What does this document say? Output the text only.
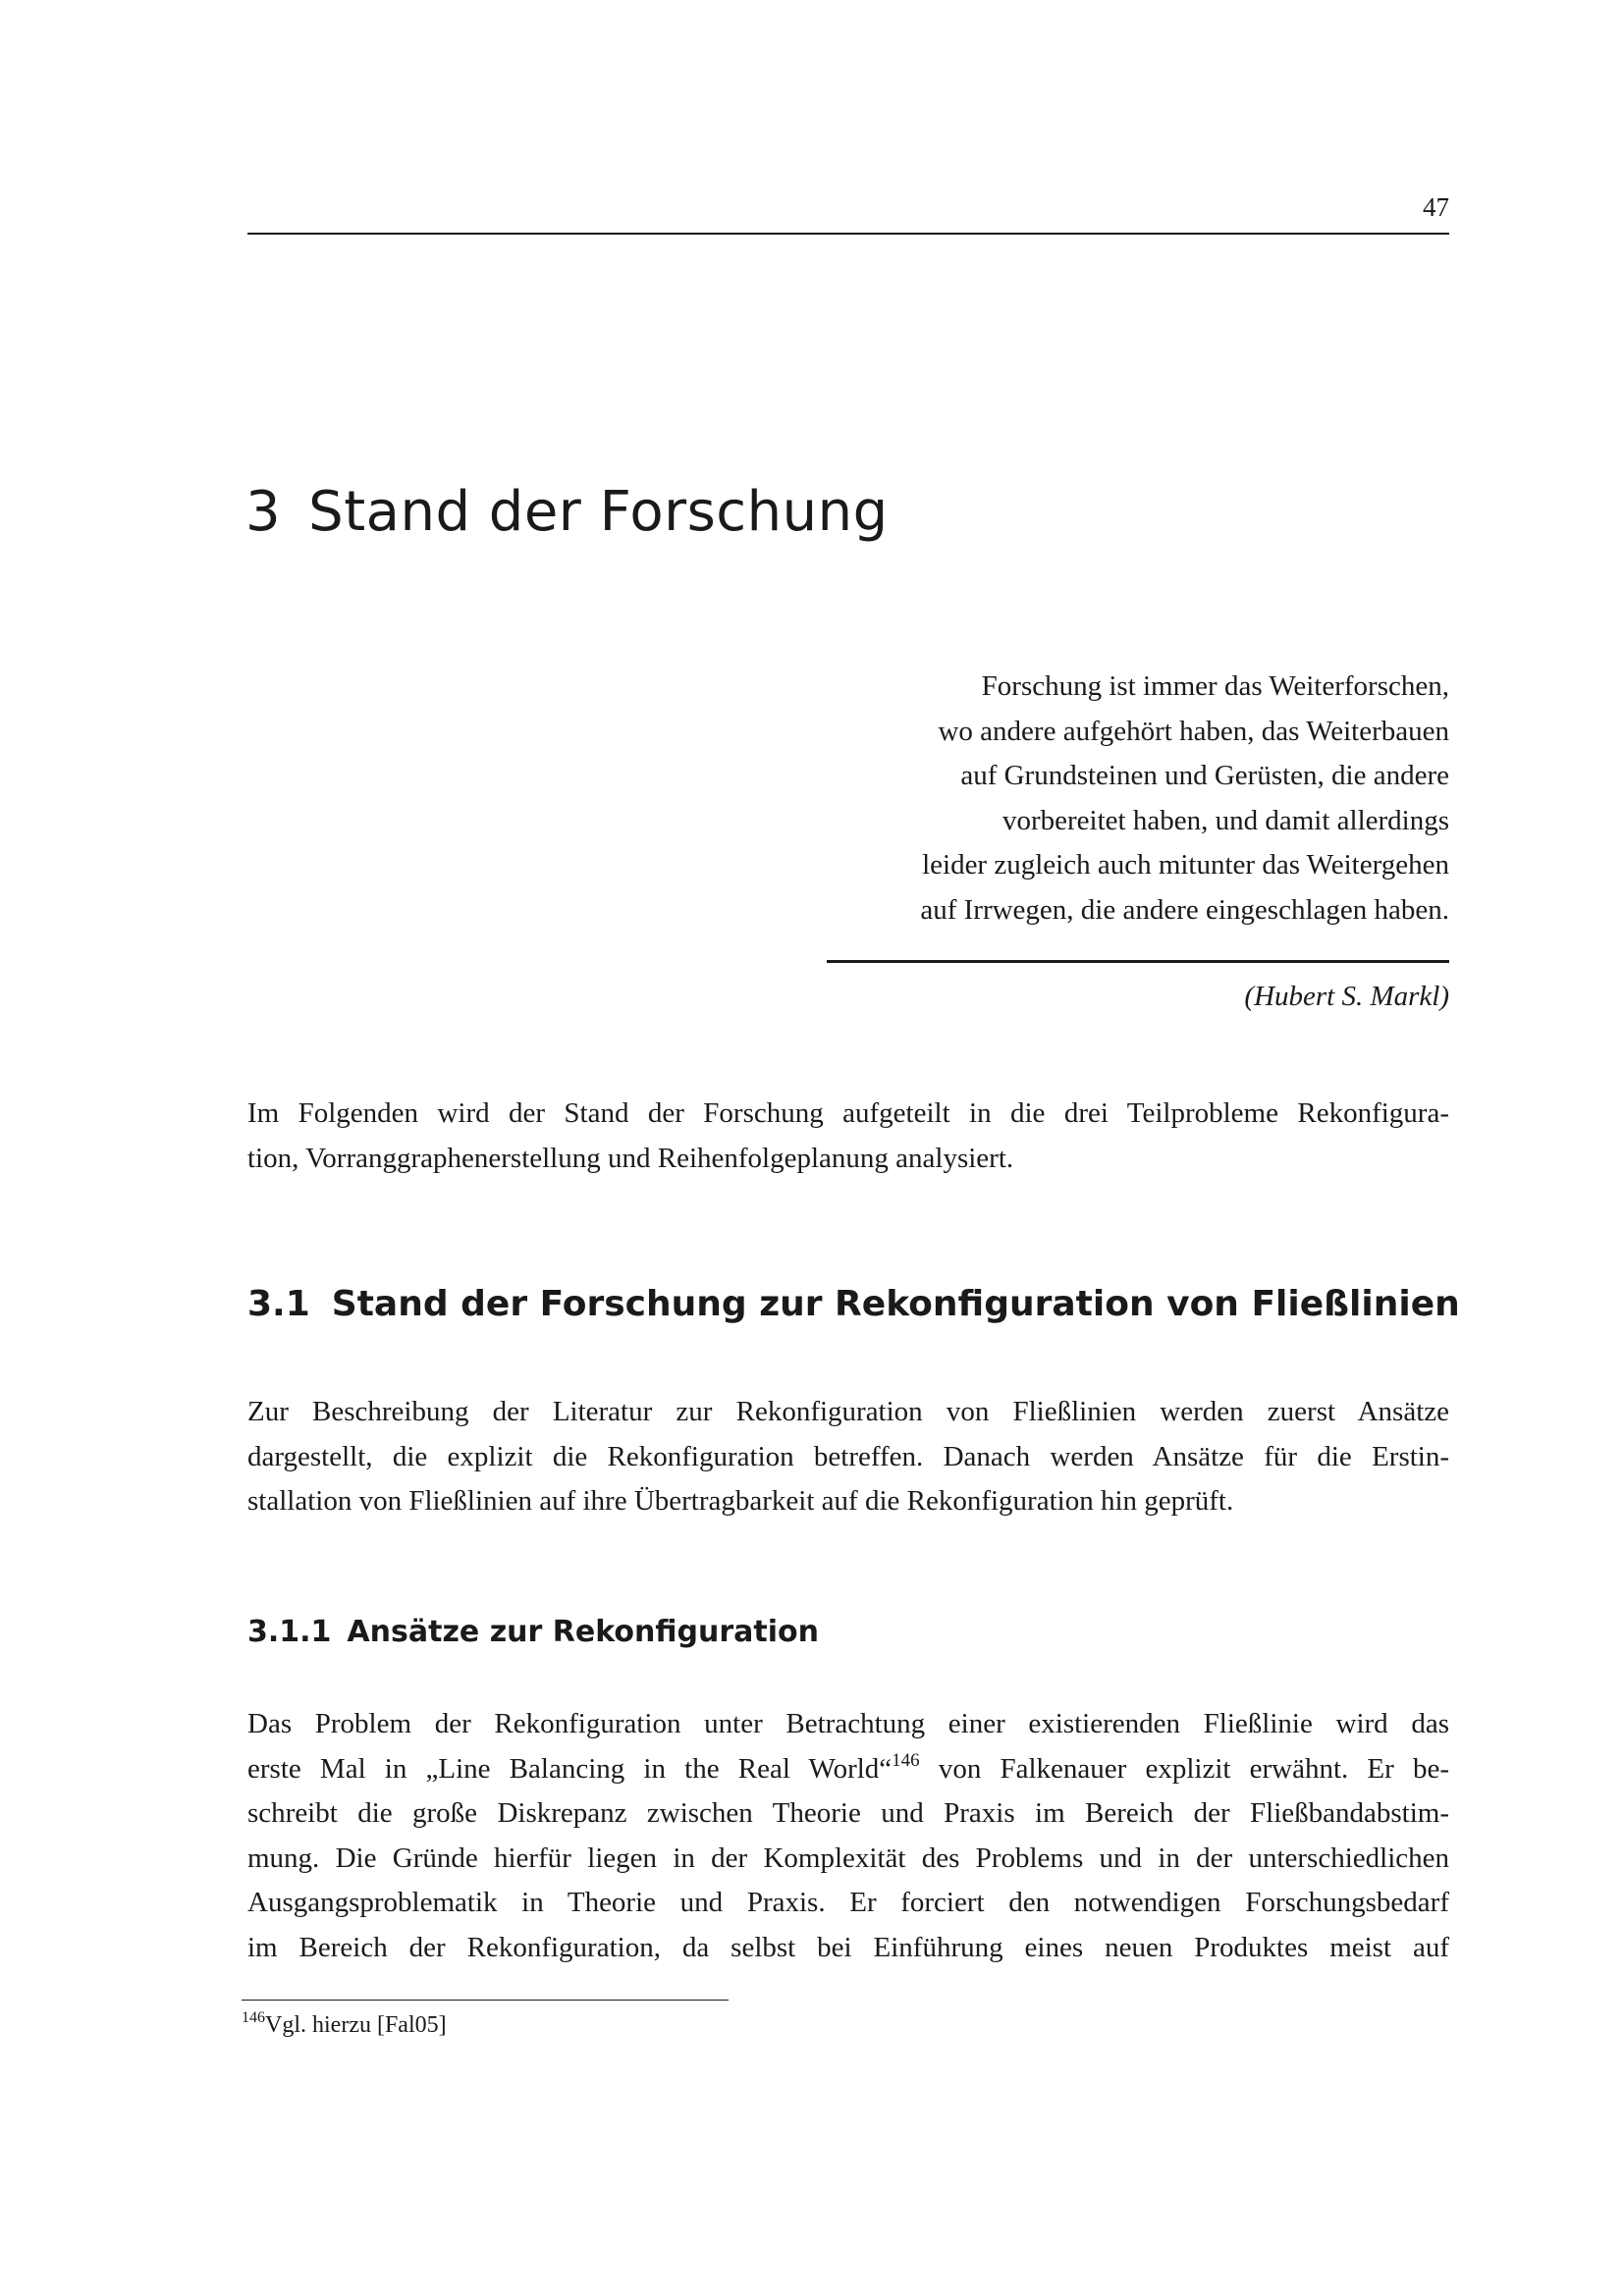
47
3 Stand der Forschung
Forschung ist immer das Weiterforschen,
wo andere aufgehört haben, das Weiterbauen
auf Grundsteinen und Gerüsten, die andere
vorbereitet haben, und damit allerdings
leider zugleich auch mitunter das Weitergehen
auf Irrwegen, die andere eingeschlagen haben.
(Hubert S. Markl)

Im Folgenden wird der Stand der Forschung aufgeteilt in die drei Teilprobleme Rekonfigura-
tion, Vorranggraphenerstellung und Reihenfolgeplanung analysiert.

3.1 Stand der Forschung zur Rekonfiguration von Fließlinien

Zur Beschreibung der Literatur zur Rekonfiguration von Fließlinien werden zuerst Ansätze
dargestellt, die explizit die Rekonfiguration betreffen. Danach werden Ansätze für die Erstin-
stallation von Fließlinien auf ihre Übertragbarkeit auf die Rekonfiguration hin geprüft.

3.1.1 Ansätze zur Rekonfiguration

Das Problem der Rekonfiguration unter Betrachtung einer existierenden Fließlinie wird das
erste Mal in „Line Balancing in the Real World“$^{146}$ von Falkenauer explizit erwähnt. Er be-
schreibt die große Diskrepanz zwischen Theorie und Praxis im Bereich der Fließbandabstim-
mung. Die Gründe hierfür liegen in der Komplexität des Problems und in der unterschiedlichen
Ausgangsproblematik in Theorie und Praxis. Er forciert den notwendigen Forschungsbedarf
im Bereich der Rekonfiguration, da selbst bei Einführung eines neuen Produktes meist auf

$^{146}$Vgl. hierzu [Fal05]
